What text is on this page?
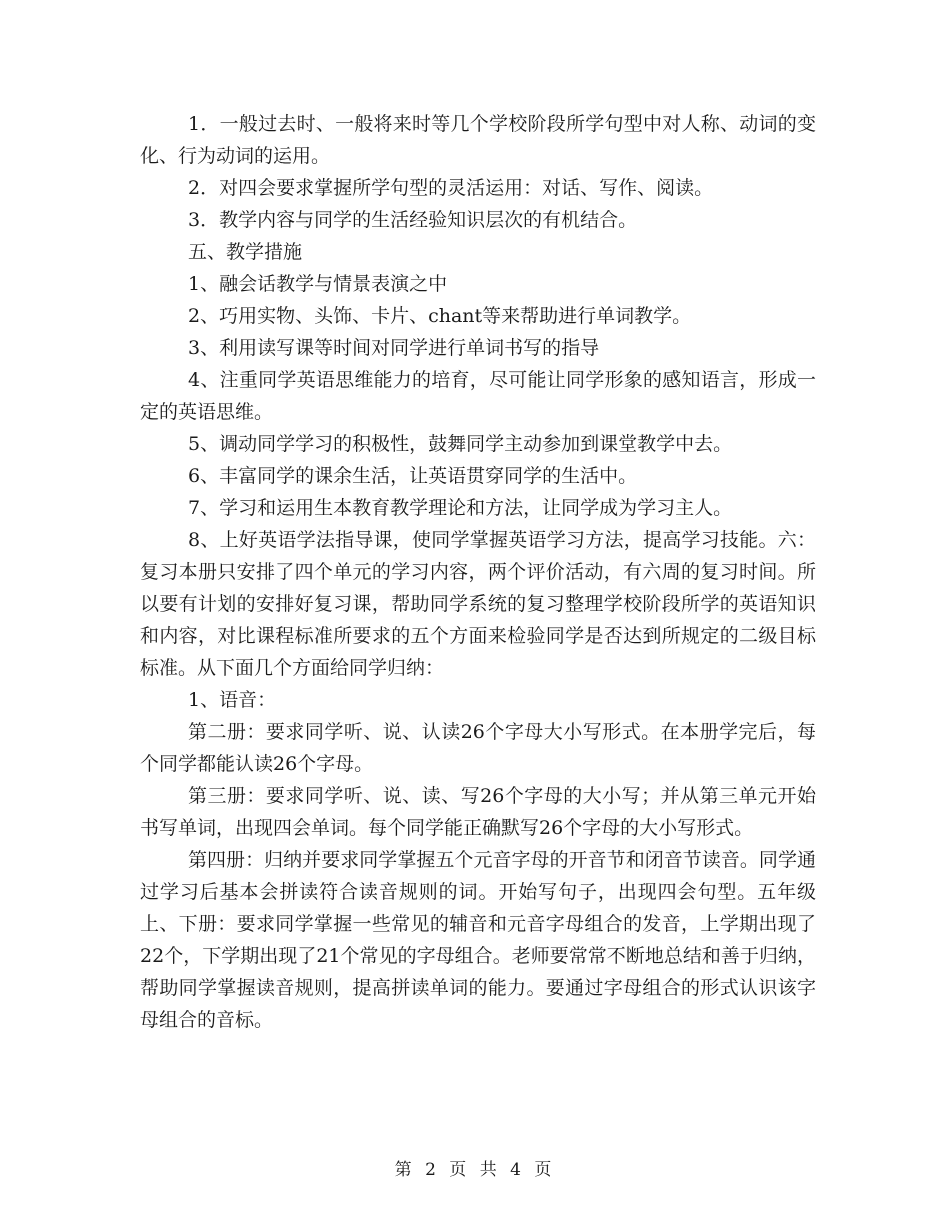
1．一般过去时、一般将来时等几个学校阶段所学句型中对人称、动词的变化、行为动词的运用。

2．对四会要求掌握所学句型的灵活运用：对话、写作、阅读。

3．教学内容与同学的生活经验知识层次的有机结合。

五、教学措施

1、融会话教学与情景表演之中

2、巧用实物、头饰、卡片、chant等来帮助进行单词教学。

3、利用读写课等时间对同学进行单词书写的指导

4、注重同学英语思维能力的培育，尽可能让同学形象的感知语言，形成一定的英语思维。

5、调动同学学习的积极性，鼓舞同学主动参加到课堂教学中去。

6、丰富同学的课余生活，让英语贯穿同学的生活中。

7、学习和运用生本教育教学理论和方法，让同学成为学习主人。

8、上好英语学法指导课，使同学掌握英语学习方法，提高学习技能。六：复习本册只安排了四个单元的学习内容，两个评价活动，有六周的复习时间。所以要有计划的安排好复习课，帮助同学系统的复习整理学校阶段所学的英语知识和内容，对比课程标准所要求的五个方面来检验同学是否达到所规定的二级目标标准。从下面几个方面给同学归纳：

1、语音：

第二册：要求同学听、说、认读26个字母大小写形式。在本册学完后，每个同学都能认读26个字母。

第三册：要求同学听、说、读、写26个字母的大小写；并从第三单元开始书写单词，出现四会单词。每个同学能正确默写26个字母的大小写形式。

第四册：归纳并要求同学掌握五个元音字母的开音节和闭音节读音。同学通过学习后基本会拼读符合读音规则的词。开始写句子，出现四会句型。五年级上、下册：要求同学掌握一些常见的辅音和元音字母组合的发音，上学期出现了22个，下学期出现了21个常见的字母组合。老师要常常不断地总结和善于归纳，帮助同学掌握读音规则，提高拼读单词的能力。要通过字母组合的形式认识该字母组合的音标。

第 2 页 共 4 页
